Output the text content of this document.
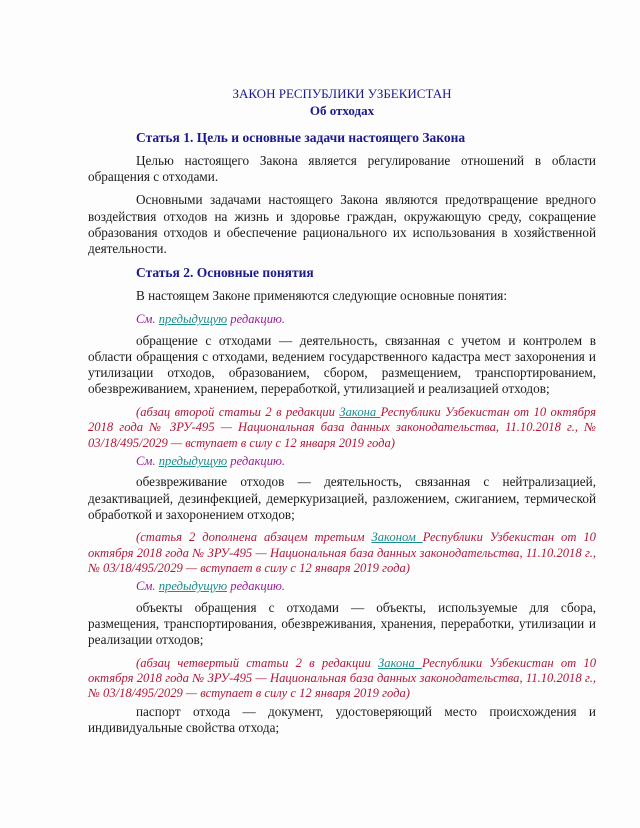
ЗАКОН РЕСПУБЛИКИ УЗБЕКИСТАН

Об отходах

Статья 1. Цель и основные задачи настоящего Закона

Целью настоящего Закона является регулирование отношений в области обращения с отходами.

Основными задачами настоящего Закона являются предотвращение вредного воздействия отходов на жизнь и здоровье граждан, окружающую среду, сокращение образования отходов и обеспечение рационального их использования в хозяйственной деятельности.

Статья 2. Основные понятия

В настоящем Законе применяются следующие основные понятия:

См. предыдущую редакцию.

обращение с отходами — деятельность, связанная с учетом и контролем в области обращения с отходами, ведением государственного кадастра мест захоронения и утилизации отходов, образованием, сбором, размещением, транспортированием, обезвреживанием, хранением, переработкой, утилизацией и реализацией отходов;

(абзац второй статьи 2 в редакции Закона Республики Узбекистан от 10 октября 2018 года № ЗРУ-495 — Национальная база данных законодательства, 11.10.2018 г., № 03/18/495/2029 — вступает в силу с 12 января 2019 года)

См. предыдущую редакцию.

обезвреживание отходов — деятельность, связанная с нейтрализацией, дезактивацией, дезинфекцией, демеркуризацией, разложением, сжиганием, термической обработкой и захоронением отходов;

(статья 2 дополнена абзацем третьим Законом Республики Узбекистан от 10 октября 2018 года № ЗРУ-495 — Национальная база данных законодательства, 11.10.2018 г., № 03/18/495/2029 — вступает в силу с 12 января 2019 года)

См. предыдущую редакцию.

объекты обращения с отходами — объекты, используемые для сбора, размещения, транспортирования, обезвреживания, хранения, переработки, утилизации и реализации отходов;

(абзац четвертый статьи 2 в редакции Закона Республики Узбекистан от 10 октября 2018 года № ЗРУ-495 — Национальная база данных законодательства, 11.10.2018 г., № 03/18/495/2029 — вступает в силу с 12 января 2019 года)

паспорт отхода — документ, удостоверяющий место происхождения и индивидуальные свойства отхода;
